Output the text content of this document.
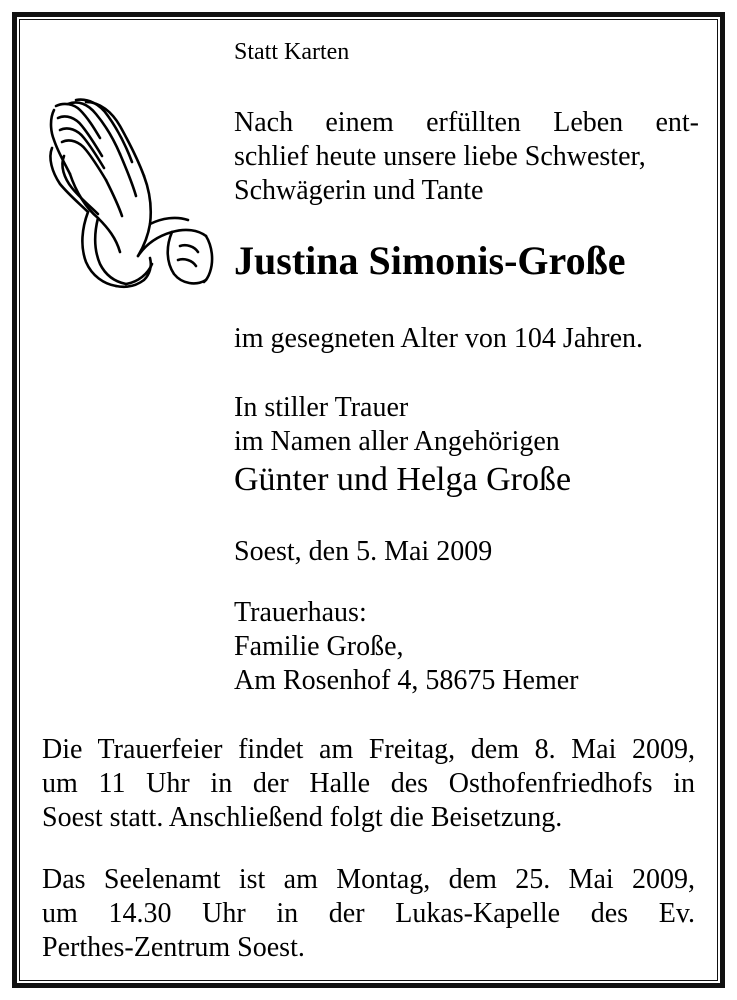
Statt Karten

Nach einem erfüllten Leben ent-
schlief heute unsere liebe Schwester,
Schwägerin und Tante

Justina Simonis-Große

im gesegneten Alter von 104 Jahren.

In stiller Trauer
im Namen aller Angehörigen

Günter und Helga Große

Soest, den 5. Mai 2009

Trauerhaus:
Familie Große,
Am Rosenhof 4, 58675 Hemer
Die Trauerfeier findet am Freitag, dem 8. Mai 2009,
um 11 Uhr in der Halle des Osthofenfriedhofs in
Soest statt. Anschließend folgt die Beisetzung.
Das Seelenamt ist am Montag, dem 25. Mai 2009,
um 14.30 Uhr in der Lukas-Kapelle des Ev.
Perthes-Zentrum Soest.
